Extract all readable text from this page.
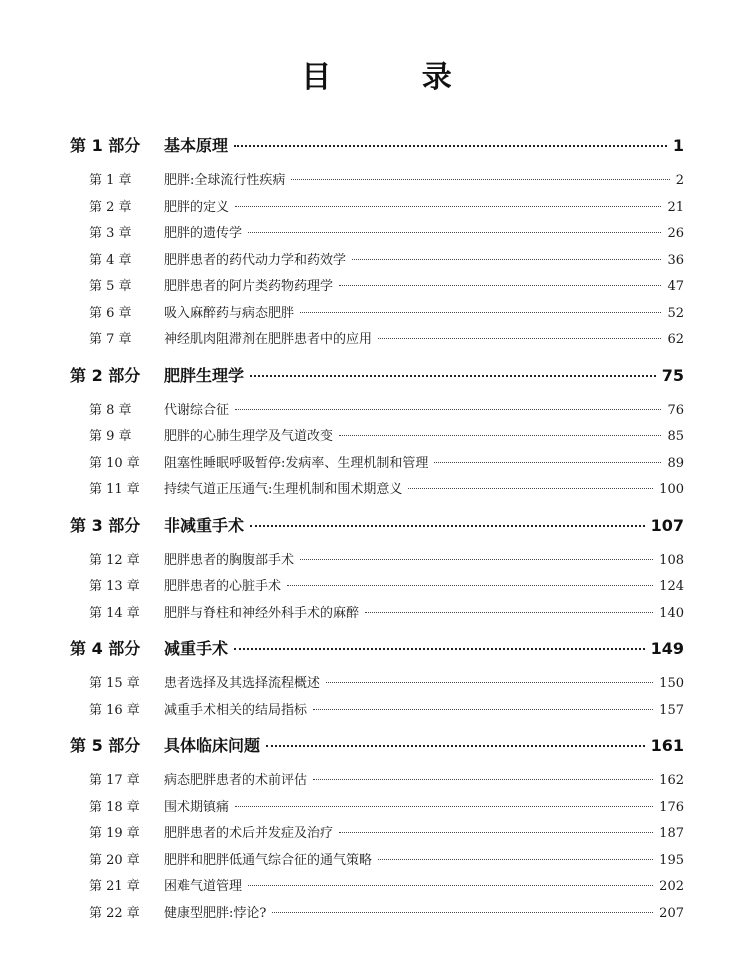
目 录
第 1 部分	基本原理	1
第 1 章	肥胖:全球流行性疾病	2
第 2 章	肥胖的定义	21
第 3 章	肥胖的遗传学	26
第 4 章	肥胖患者的药代动力学和药效学	36
第 5 章	肥胖患者的阿片类药物药理学	47
第 6 章	吸入麻醉药与病态肥胖	52
第 7 章	神经肌肉阻滞剂在肥胖患者中的应用	62
第 2 部分	肥胖生理学	75
第 8 章	代谢综合征	76
第 9 章	肥胖的心肺生理学及气道改变	85
第 10 章	阻塞性睡眠呼吸暂停:发病率、生理机制和管理	89
第 11 章	持续气道正压通气:生理机制和围术期意义	100
第 3 部分	非减重手术	107
第 12 章	肥胖患者的胸腹部手术	108
第 13 章	肥胖患者的心脏手术	124
第 14 章	肥胖与脊柱和神经外科手术的麻醉	140
第 4 部分	减重手术	149
第 15 章	患者选择及其选择流程概述	150
第 16 章	减重手术相关的结局指标	157
第 5 部分	具体临床问题	161
第 17 章	病态肥胖患者的术前评估	162
第 18 章	围术期镇痛	176
第 19 章	肥胖患者的术后并发症及治疗	187
第 20 章	肥胖和肥胖低通气综合征的通气策略	195
第 21 章	困难气道管理	202
第 22 章	健康型肥胖:悖论?	207
